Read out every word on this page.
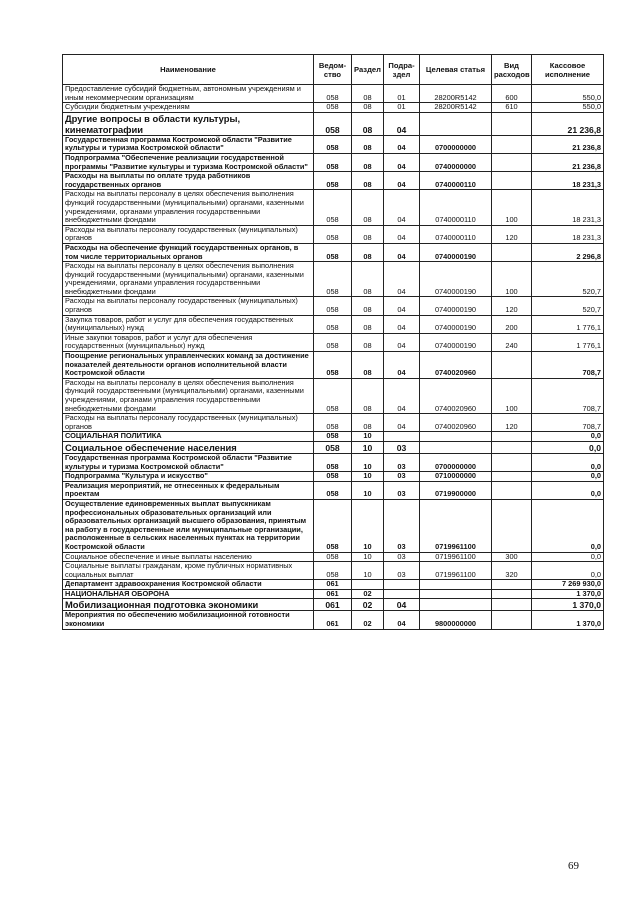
Наименование	Ведом-ство	Раздел	Подра-здел	Целевая статья	Вид расходов	Кассовое исполнение
Предоставление субсидий бюджетным, автономным учреждениям и иным некоммерческим организациям	058	08	01	28200R5142	600	550,0
Субсидии бюджетным учреждениям	058	08	01	28200R5142	610	550,0
Другие вопросы в области культуры, кинематографии	058	08	04			21 236,8
Государственная программа Костромской области "Развитие культуры и туризма Костромской области"	058	08	04	0700000000		21 236,8
Подпрограмма "Обеспечение реализации государственной программы "Развитие культуры и туризма Костромской области"	058	08	04	0740000000		21 236,8
Расходы на выплаты по оплате труда работников государственных органов	058	08	04	0740000110		18 231,3
Расходы на выплаты персоналу в целях обеспечения выполнения функций государственными (муниципальными) органами, казенными учреждениями, органами управления государственными внебюджетными фондами	058	08	04	0740000110	100	18 231,3
Расходы на выплаты персоналу государственных (муниципальных) органов	058	08	04	0740000110	120	18 231,3
Расходы на обеспечение функций государственных органов, в том числе территориальных органов	058	08	04	0740000190		2 296,8
Расходы на выплаты персоналу в целях обеспечения выполнения функций государственными (муниципальными) органами, казенными учреждениями, органами управления государственными внебюджетными фондами	058	08	04	0740000190	100	520,7
Расходы на выплаты персоналу государственных (муниципальных) органов	058	08	04	0740000190	120	520,7
Закупка товаров, работ и услуг для обеспечения государственных (муниципальных) нужд	058	08	04	0740000190	200	1 776,1
Иные закупки товаров, работ и услуг для обеспечения государственных (муниципальных) нужд	058	08	04	0740000190	240	1 776,1
Поощрение региональных управленческих команд за достижение показателей деятельности органов исполнительной власти Костромской области	058	08	04	0740020960		708,7
Расходы на выплаты персоналу в целях обеспечения выполнения функций государственными (муниципальными) органами, казенными учреждениями, органами управления государственными внебюджетными фондами	058	08	04	0740020960	100	708,7
Расходы на выплаты персоналу государственных (муниципальных) органов	058	08	04	0740020960	120	708,7
СОЦИАЛЬНАЯ ПОЛИТИКА	058	10				0,0
Социальное обеспечение населения	058	10	03			0,0
Государственная программа Костромской области "Развитие культуры и туризма Костромской области"	058	10	03	0700000000		0,0
Подпрограмма "Культура и искусство"	058	10	03	0710000000		0,0
Реализация мероприятий, не отнесенных к федеральным проектам	058	10	03	0719900000		0,0
Осуществление единовременных выплат выпускникам профессиональных образовательных организаций или образовательных организаций высшего образования, принятым на работу в государственные или муниципальные организации, расположенные в сельских населенных пунктах на территории Костромской области	058	10	03	0719961100		0,0
Социальное обеспечение и иные выплаты населению	058	10	03	0719961100	300	0,0
Социальные выплаты гражданам, кроме публичных нормативных социальных выплат	058	10	03	0719961100	320	0,0
Департамент здравоохранения Костромской области	061					7 269 930,0
НАЦИОНАЛЬНАЯ ОБОРОНА	061	02				1 370,0
Мобилизационная подготовка экономики	061	02	04			1 370,0
Мероприятия по обеспечению мобилизационной готовности экономики	061	02	04	9800000000		1 370,0
69
